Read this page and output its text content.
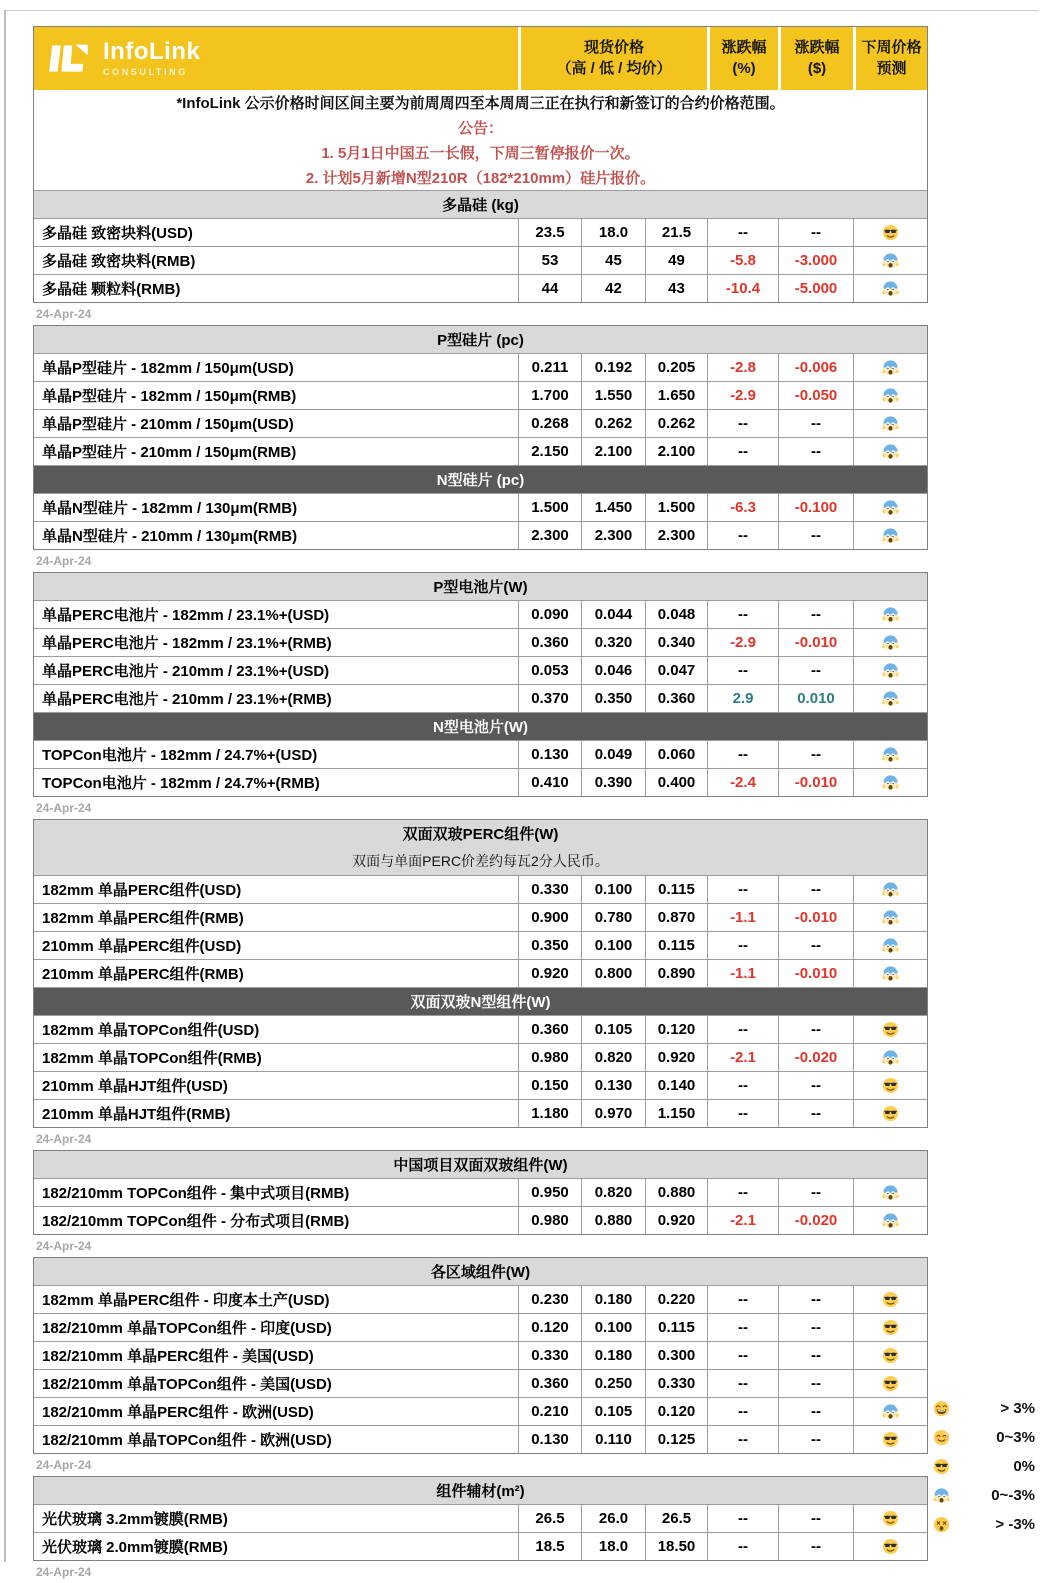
InfoLink
CONSULTING
现货价格
（高 / 低 / 均价）
涨跌幅
(%)
涨跌幅
($)
下周价格
预测
*InfoLink 公示价格时间区间主要为前周周四至本周周三正在执行和新签订的合约价格范围。
公告：
1. 5月1日中国五一长假，下周三暂停报价一次。
2. 计划5月新增N型210R（182*210mm）硅片报价。
多晶硅 (kg)
多晶硅 致密块料(USD)	23.5	18.0	21.5	--	--
多晶硅 致密块料(RMB)	53	45	49	-5.8	-3.000
多晶硅 颗粒料(RMB)	44	42	43	-10.4	-5.000
24-Apr-24
P型硅片 (pc)
单晶P型硅片 - 182mm / 150μm(USD)	0.211	0.192	0.205	-2.8	-0.006
单晶P型硅片 - 182mm / 150μm(RMB)	1.700	1.550	1.650	-2.9	-0.050
单晶P型硅片 - 210mm / 150μm(USD)	0.268	0.262	0.262	--	--
单晶P型硅片 - 210mm / 150μm(RMB)	2.150	2.100	2.100	--	--
N型硅片 (pc)
单晶N型硅片 - 182mm / 130μm(RMB)	1.500	1.450	1.500	-6.3	-0.100
单晶N型硅片 - 210mm / 130μm(RMB)	2.300	2.300	2.300	--	--
24-Apr-24
P型电池片(W)
单晶PERC电池片 - 182mm / 23.1%+(USD)	0.090	0.044	0.048	--	--
单晶PERC电池片 - 182mm / 23.1%+(RMB)	0.360	0.320	0.340	-2.9	-0.010
单晶PERC电池片 - 210mm / 23.1%+(USD)	0.053	0.046	0.047	--	--
单晶PERC电池片 - 210mm / 23.1%+(RMB)	0.370	0.350	0.360	2.9	0.010
N型电池片(W)
TOPCon电池片 - 182mm / 24.7%+(USD)	0.130	0.049	0.060	--	--
TOPCon电池片 - 182mm / 24.7%+(RMB)	0.410	0.390	0.400	-2.4	-0.010
24-Apr-24
双面双玻PERC组件(W)
双面与单面PERC价差约每瓦2分人民币。
182mm 单晶PERC组件(USD)	0.330	0.100	0.115	--	--
182mm 单晶PERC组件(RMB)	0.900	0.780	0.870	-1.1	-0.010
210mm 单晶PERC组件(USD)	0.350	0.100	0.115	--	--
210mm 单晶PERC组件(RMB)	0.920	0.800	0.890	-1.1	-0.010
双面双玻N型组件(W)
182mm 单晶TOPCon组件(USD)	0.360	0.105	0.120	--	--
182mm 单晶TOPCon组件(RMB)	0.980	0.820	0.920	-2.1	-0.020
210mm 单晶HJT组件(USD)	0.150	0.130	0.140	--	--
210mm 单晶HJT组件(RMB)	1.180	0.970	1.150	--	--
24-Apr-24
中国项目双面双玻组件(W)
182/210mm TOPCon组件 - 集中式项目(RMB)	0.950	0.820	0.880	--	--
182/210mm TOPCon组件 - 分布式项目(RMB)	0.980	0.880	0.920	-2.1	-0.020
24-Apr-24
各区域组件(W)
182mm 单晶PERC组件 - 印度本土产(USD)	0.230	0.180	0.220	--	--
182/210mm 单晶TOPCon组件 - 印度(USD)	0.120	0.100	0.115	--	--
182/210mm 单晶PERC组件 - 美国(USD)	0.330	0.180	0.300	--	--
182/210mm 单晶TOPCon组件 - 美国(USD)	0.360	0.250	0.330	--	--
182/210mm 单晶PERC组件 - 欧洲(USD)	0.210	0.105	0.120	--	--
182/210mm 单晶TOPCon组件 - 欧洲(USD)	0.130	0.110	0.125	--	--
24-Apr-24
组件辅材(m²)
光伏玻璃 3.2mm镀膜(RMB)	26.5	26.0	26.5	--	--
光伏玻璃 2.0mm镀膜(RMB)	18.5	18.0	18.50	--	--
24-Apr-24
> 3%
0~3%
0%
0~-3%
> -3%
